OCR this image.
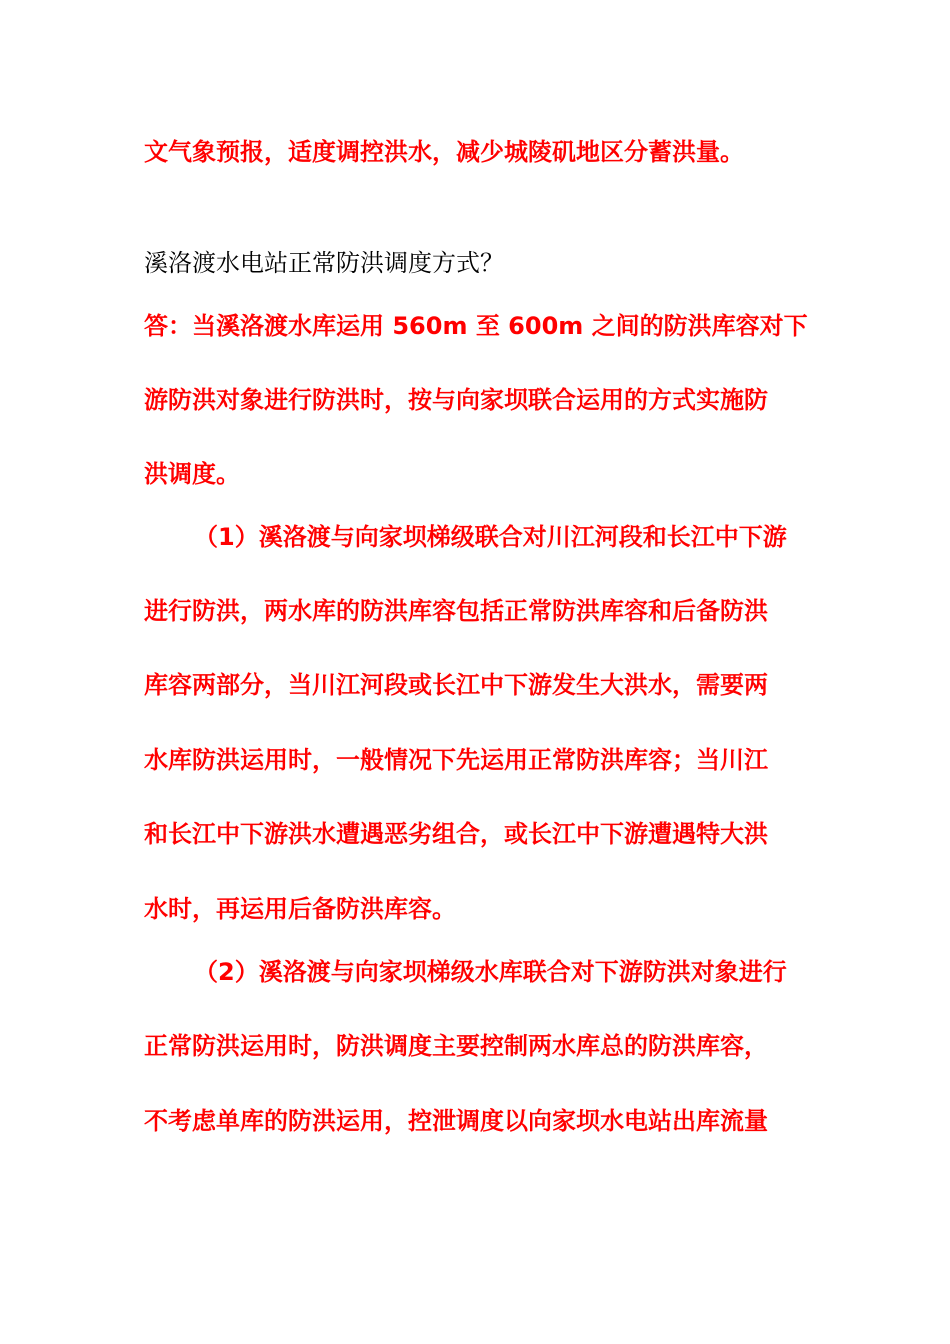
文气象预报，适度调控洪水，减少城陵矶地区分蓄洪量。
溪洛渡水电站正常防洪调度方式？
答：当溪洛渡水库运用 560m 至 600m 之间的防洪库容对下
游防洪对象进行防洪时，按与向家坝联合运用的方式实施防
洪调度。
（1）溪洛渡与向家坝梯级联合对川江河段和长江中下游
进行防洪，两水库的防洪库容包括正常防洪库容和后备防洪
库容两部分，当川江河段或长江中下游发生大洪水，需要两
水库防洪运用时，一般情况下先运用正常防洪库容；当川江
和长江中下游洪水遭遇恶劣组合，或长江中下游遭遇特大洪
水时，再运用后备防洪库容。
（2）溪洛渡与向家坝梯级水库联合对下游防洪对象进行
正常防洪运用时，防洪调度主要控制两水库总的防洪库容，
不考虑单库的防洪运用，控泄调度以向家坝水电站出库流量
